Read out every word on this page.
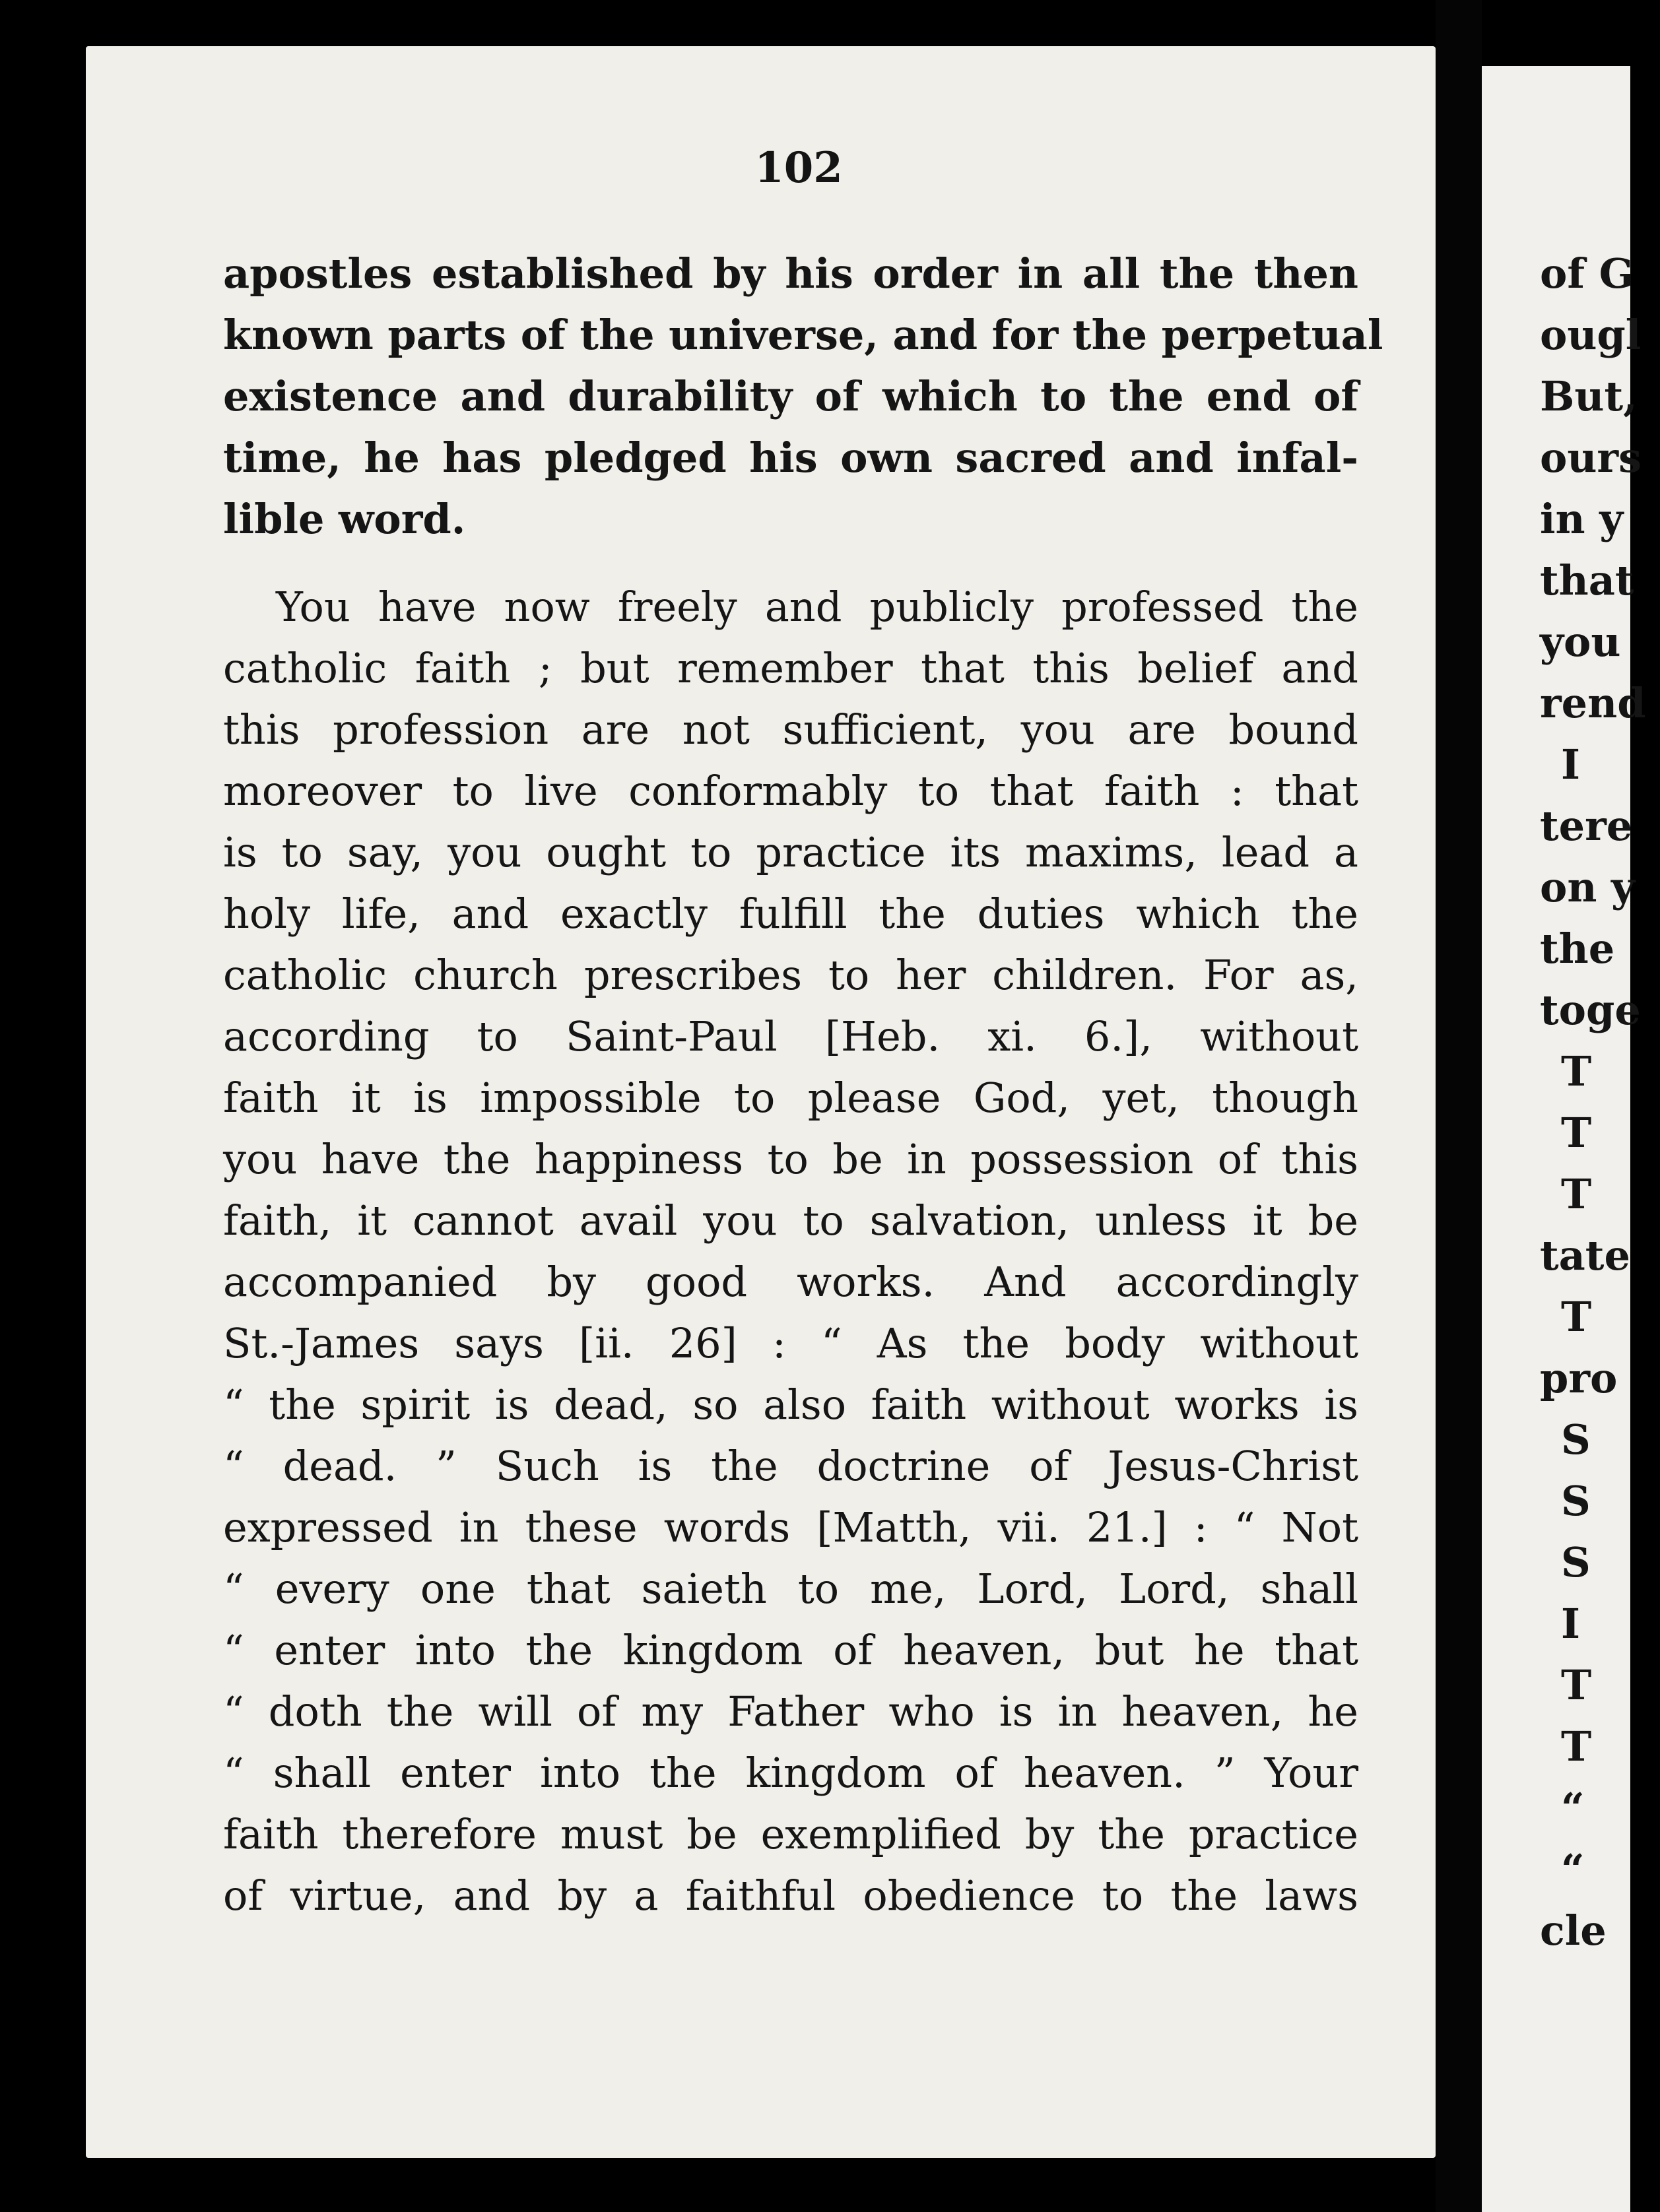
102
apostles established by his order in all the then
known parts of the universe, and for the perpetual
existence and durability of which to the end of
time, he has pledged his own sacred and infal-
lible word.
You have now freely and publicly professed the
catholic faith ; but remember that this belief and
this profession are not sufficient, you are bound
moreover to live conformably to that faith : that
is to say, you ought to practice its maxims, lead a
holy life, and exactly fulfill the duties which the
catholic church prescribes to her children. For as,
according to Saint-Paul [Heb. xi. 6.], without
faith it is impossible to please God, yet, though
you have the happiness to be in possession of this
faith, it cannot avail you to salvation, unless it be
accompanied by good works. And accordingly
St.-James says [ii. 26] : “ As the body without
“ the spirit is dead, so also faith without works is
“ dead. ” Such is the doctrine of Jesus-Christ
expressed in these words [Matth, vii. 21.] : “ Not
“ every one that saieth to me, Lord, Lord, shall
“ enter into the kingdom of heaven, but he that
“ doth the will of my Father who is in heaven, he
“ shall enter into the kingdom of heaven. ” Your
faith therefore must be exemplified by the practice
of virtue, and by a faithful obedience to the laws
of G
ougl
But,
ours
in y
that
you
rend
I
tere
on y
the
toge
T
T
T
tate
T
pro
S
S
S
I
T
T
“
“
cle
